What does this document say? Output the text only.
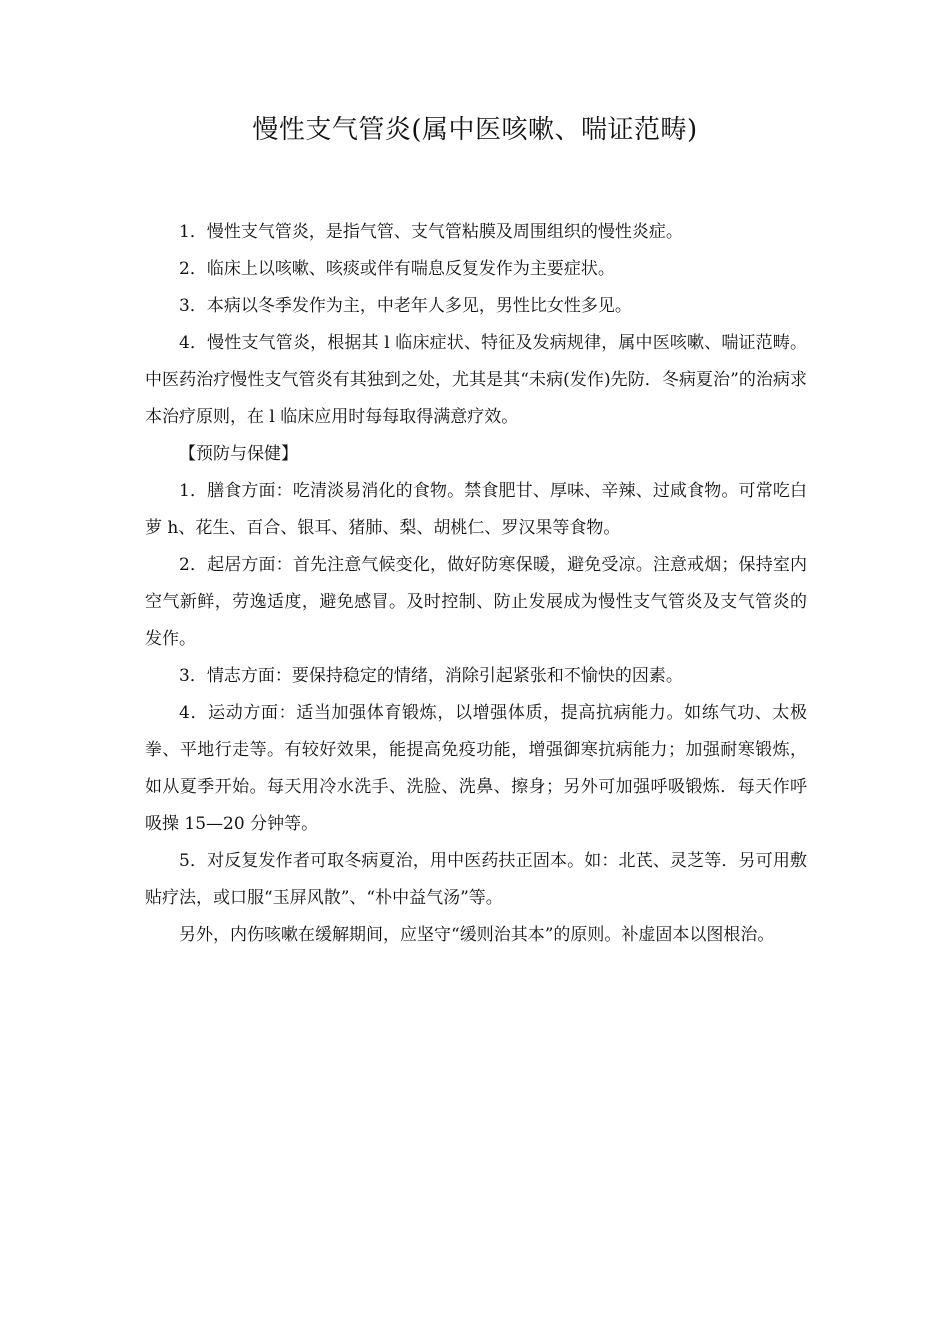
慢性支气管炎(属中医咳嗽、喘证范畴)

1．慢性支气管炎，是指气管、支气管粘膜及周围组织的慢性炎症。

2．临床上以咳嗽、咳痰或伴有喘息反复发作为主要症状。

3．本病以冬季发作为主，中老年人多见，男性比女性多见。

4．慢性支气管炎，根据其 l 临床症状、特征及发病规律，属中医咳嗽、喘证范畴。中医药治疗慢性支气管炎有其独到之处，尤其是其“未病(发作)先防．冬病夏治”的治病求本治疗原则，在 l 临床应用时每每取得满意疗效。

【预防与保健】

1．膳食方面：吃清淡易消化的食物。禁食肥甘、厚味、辛辣、过咸食物。可常吃白萝 h、花生、百合、银耳、猪肺、梨、胡桃仁、罗汉果等食物。

2．起居方面：首先注意气候变化，做好防寒保暖，避免受凉。注意戒烟；保持室内空气新鲜，劳逸适度，避免感冒。及时控制、防止发展成为慢性支气管炎及支气管炎的发作。

3．情志方面：要保持稳定的情绪，消除引起紧张和不愉快的因素。

4．运动方面：适当加强体育锻炼，以增强体质，提高抗病能力。如练气功、太极拳、平地行走等。有较好效果，能提高免疫功能，增强御寒抗病能力；加强耐寒锻炼，如从夏季开始。每天用冷水洗手、洗脸、洗鼻、擦身；另外可加强呼吸锻炼．每天作呼吸操 15—20 分钟等。

5．对反复发作者可取冬病夏治，用中医药扶正固本。如：北芪、灵芝等．另可用敷贴疗法，或口服“玉屏风散”、“朴中益气汤”等。

另外，内伤咳嗽在缓解期间，应坚守“缓则治其本”的原则。补虚固本以图根治。
